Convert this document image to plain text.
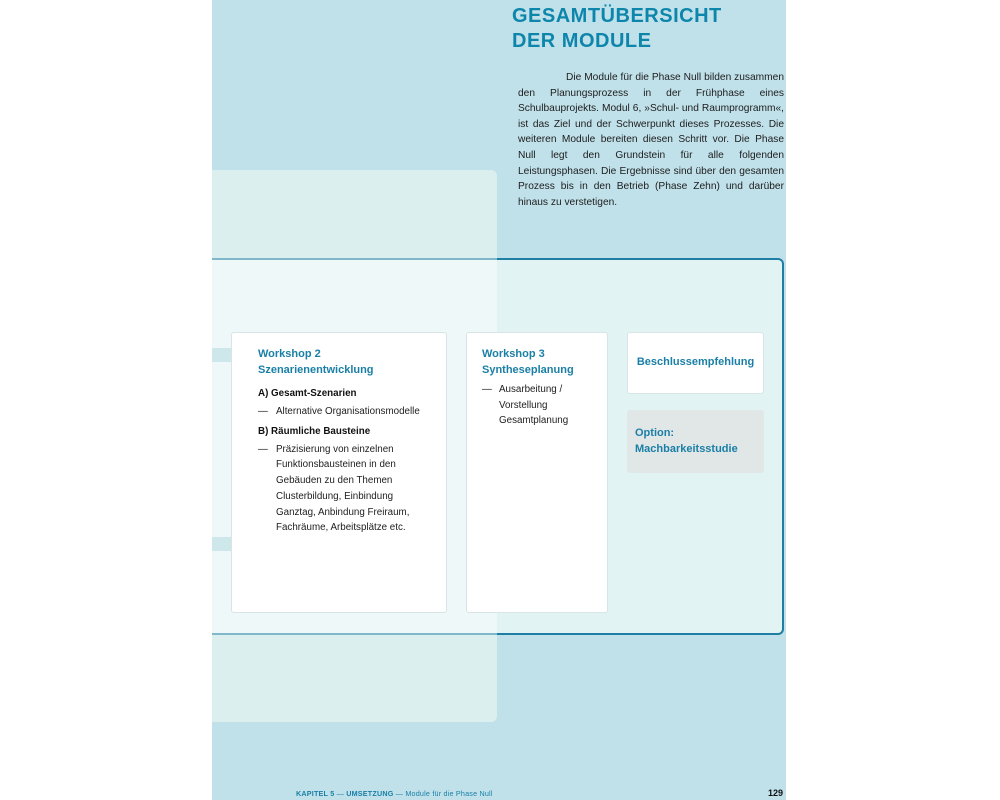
GESAMTÜBERSICHT
DER MODULE

Die Module für die Phase Null bilden zusammen den Planungsprozess in der Frühphase eines Schulbauprojekts. Modul 6, »Schul- und Raumprogramm«, ist das Ziel und der Schwerpunkt dieses Prozesses. Die weiteren Module bereiten diesen Schritt vor. Die Phase Null legt den Grundstein für alle folgenden Leistungsphasen. Die Ergebnisse sind über den gesamten Prozess bis in den Betrieb (Phase Zehn) und darüber hinaus zu verstetigen.

Workshop 2
Szenarienentwicklung
A) Gesamt-Szenarien
— Alternative Organisationsmodelle
B) Räumliche Bausteine
— Präzisierung von einzelnen Funktionsbausteinen in den Gebäuden zu den Themen Clusterbildung, Einbindung Ganztag, Anbindung Freiraum, Fachräume, Arbeitsplätze etc.
Workshop 3
Syntheseplanung
— Ausarbeitung / Vorstellung Gesamtplanung
Beschlussempfehlung
Option:
Machbarkeitsstudie
KAPITEL 5 — UMSETZUNG — Module für die Phase Null	129
